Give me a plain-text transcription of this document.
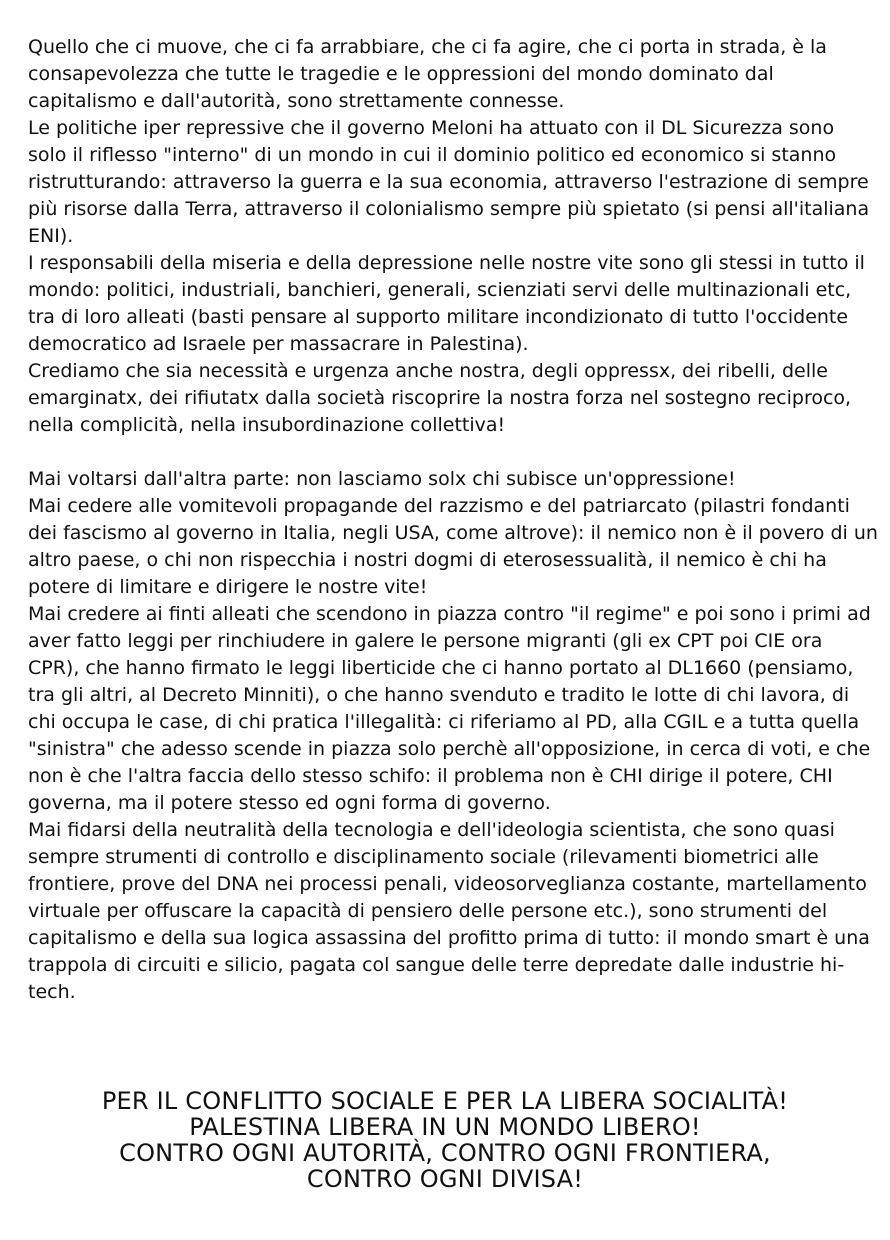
Quello che ci muove, che ci fa arrabbiare, che ci fa agire, che ci porta in strada, è la consapevolezza che tutte le tragedie e le oppressioni del mondo dominato dal capitalismo e dall'autorità, sono strettamente connesse.

Le politiche iper repressive che il governo Meloni ha attuato con il DL Sicurezza sono solo il riflesso "interno" di un mondo in cui il dominio politico ed economico si stanno ristrutturando: attraverso la guerra e la sua economia, attraverso l'estrazione di sempre più risorse dalla Terra, attraverso il colonialismo sempre più spietato (si pensi all'italiana ENI).

I responsabili della miseria e della depressione nelle nostre vite sono gli stessi in tutto il mondo: politici, industriali, banchieri, generali, scienziati servi delle multinazionali etc, tra di loro alleati (basti pensare al supporto militare incondizionato di tutto l'occidente democratico ad Israele per massacrare in Palestina).

Crediamo che sia necessità e urgenza anche nostra, degli oppressx, dei ribelli, delle emarginatx, dei rifiutatx dalla società riscoprire la nostra forza nel sostegno reciproco, nella complicità, nella insubordinazione collettiva!

Mai voltarsi dall'altra parte: non lasciamo solx chi subisce un'oppressione!

Mai cedere alle vomitevoli propagande del razzismo e del patriarcato (pilastri fondanti dei fascismo al governo in Italia, negli USA, come altrove): il nemico non è il povero di un altro paese, o chi non rispecchia i nostri dogmi di eterosessualità, il nemico è chi ha potere di limitare e dirigere le nostre vite!

Mai credere ai finti alleati che scendono in piazza contro "il regime" e poi sono i primi ad aver fatto leggi per rinchiudere in galere le persone migranti (gli ex CPT poi CIE ora CPR), che hanno firmato le leggi liberticide che ci hanno portato al DL1660 (pensiamo, tra gli altri, al Decreto Minniti), o che hanno svenduto e tradito le lotte di chi lavora, di chi occupa le case, di chi pratica l'illegalità: ci riferiamo al PD, alla CGIL e a tutta quella "sinistra" che adesso scende in piazza solo perchè all'opposizione, in cerca di voti, e che non è che l'altra faccia dello stesso schifo: il problema non è CHI dirige il potere, CHI governa, ma il potere stesso ed ogni forma di governo.

Mai fidarsi della neutralità della tecnologia e dell'ideologia scientista, che sono quasi sempre strumenti di controllo e disciplinamento sociale (rilevamenti biometrici alle frontiere, prove del DNA nei processi penali, videosorveglianza costante, martellamento virtuale per offuscare la capacità di pensiero delle persone etc.), sono strumenti del capitalismo e della sua logica assassina del profitto prima di tutto: il mondo smart è una trappola di circuiti e silicio, pagata col sangue delle terre depredate dalle industrie hi-tech.

PER IL CONFLITTO SOCIALE E PER LA LIBERA SOCIALITÀ!
PALESTINA LIBERA IN UN MONDO LIBERO!
CONTRO OGNI AUTORITÀ, CONTRO OGNI FRONTIERA,
CONTRO OGNI DIVISA!
